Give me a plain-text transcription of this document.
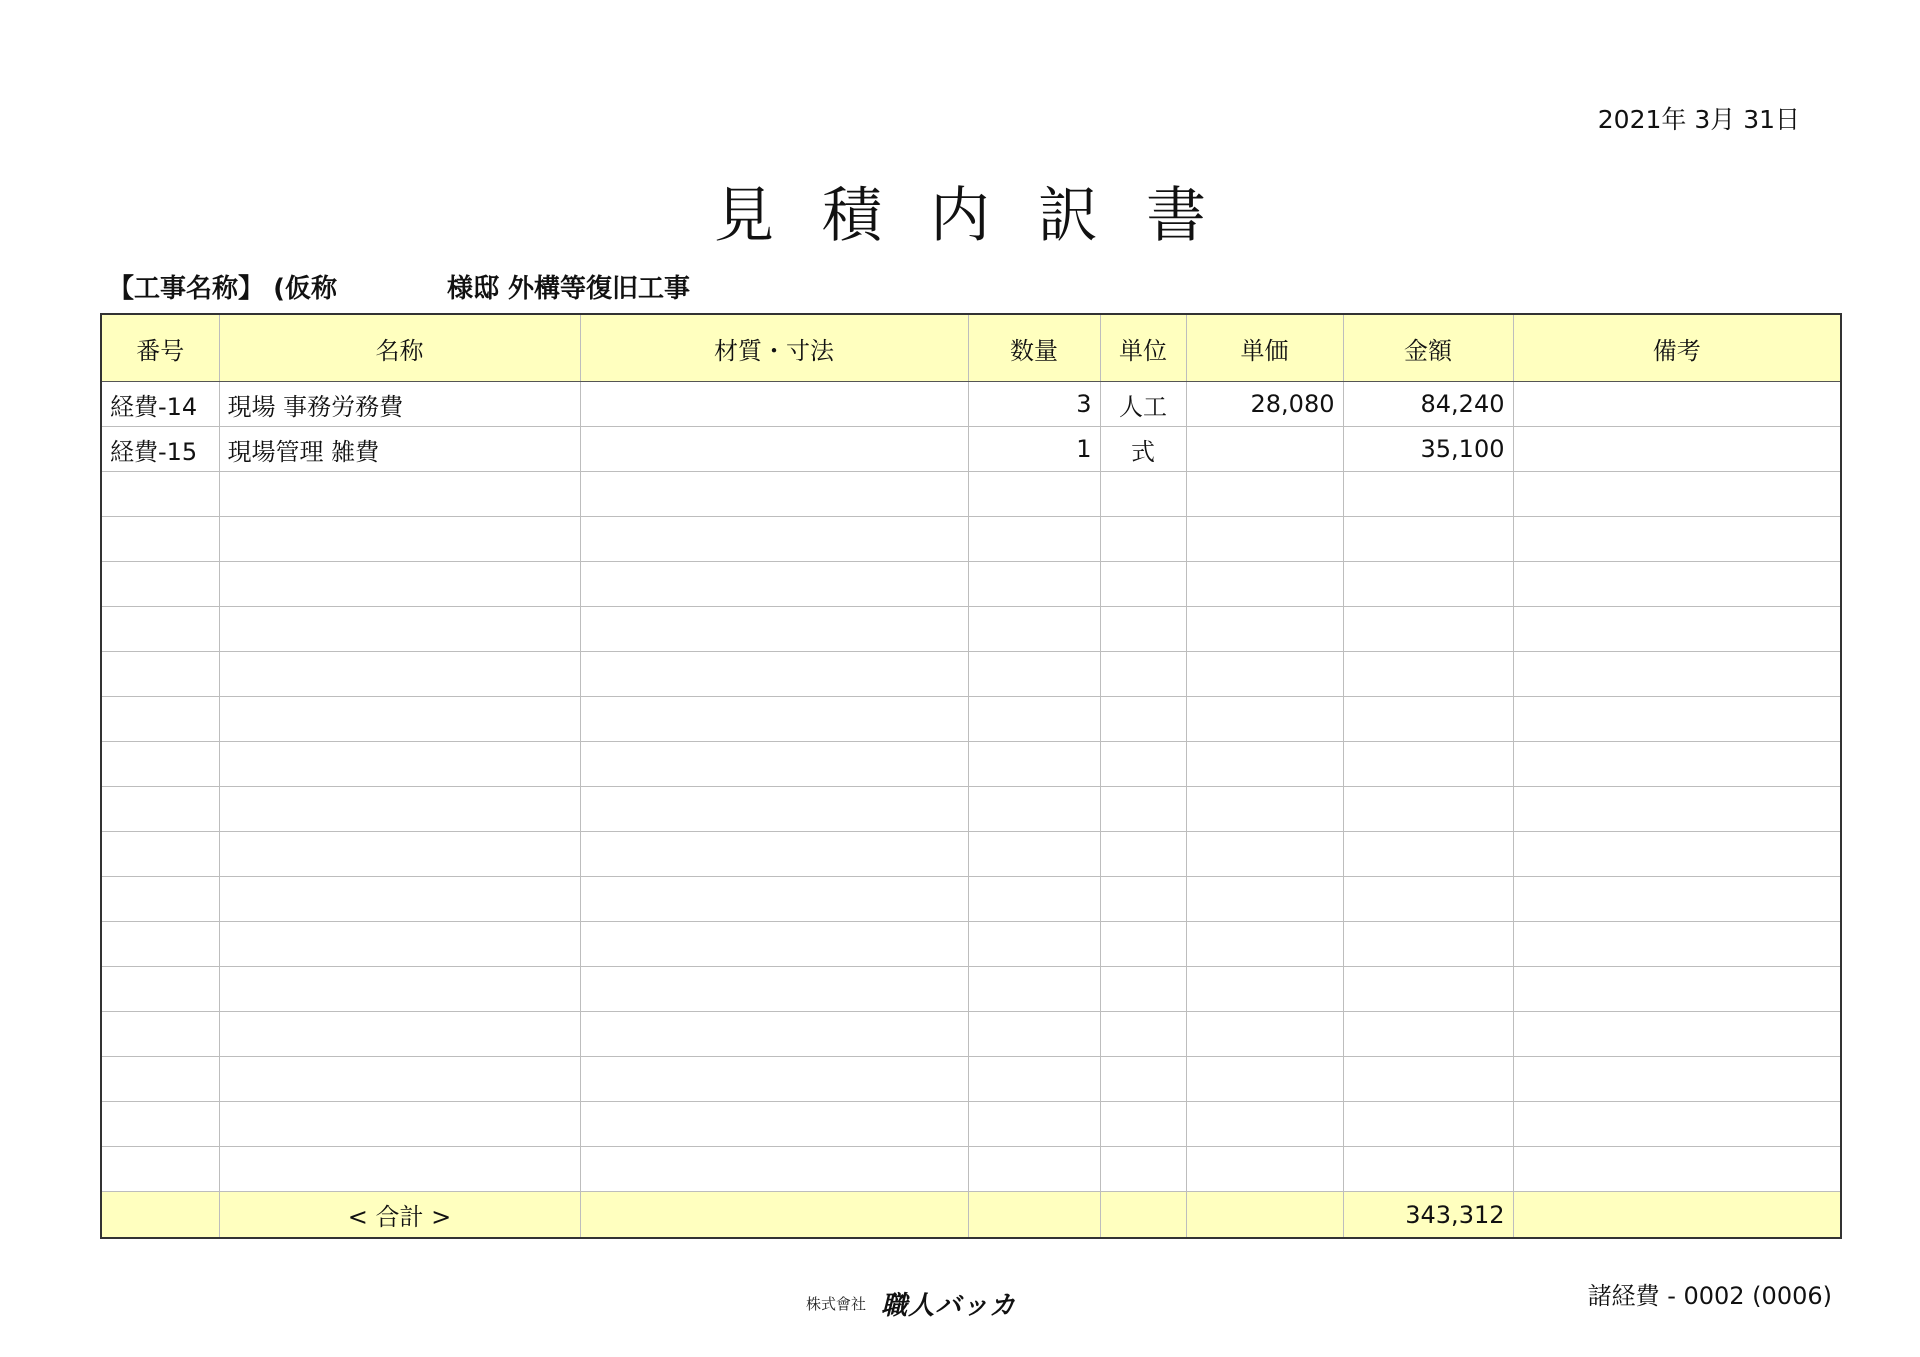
2021年 3月 31日
見積内訳書
【工事名称】 (仮称	様邸 外構等復旧工事
番号	名称	材質・寸法	数量	単位	単価	金額	備考
経費-14	現場 事務労務費		3	人工	28,080	84,240	
経費-15	現場管理 雑費		1	式		35,100	

	< 合計 >					343,312	
株式會社 職人バッカ	諸経費 - 0002 (0006)
